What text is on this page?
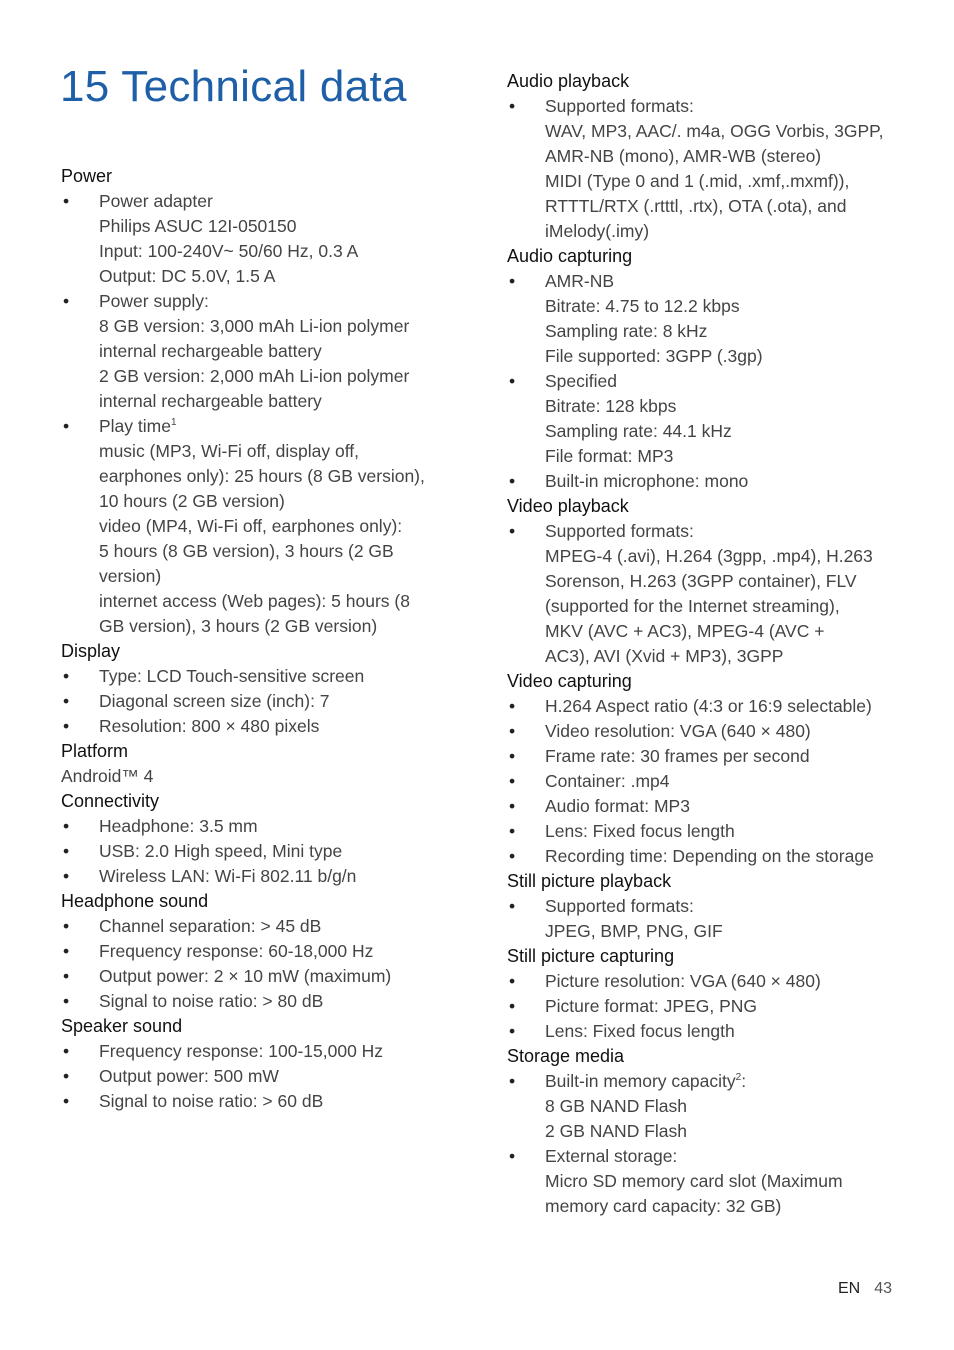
15 Technical data
Power
• Power adapter
Philips ASUC 12I-050150
Input: 100-240V~ 50/60 Hz, 0.3 A
Output: DC 5.0V, 1.5 A
• Power supply:
8 GB version: 3,000 mAh Li-ion polymer
internal rechargeable battery
2 GB version: 2,000 mAh Li-ion polymer
internal rechargeable battery
• Play time$^1$
music (MP3, Wi-Fi off, display off,
earphones only): 25 hours (8 GB version),
10 hours (2 GB version)
video (MP4, Wi-Fi off, earphones only):
5 hours (8 GB version), 3 hours (2 GB
version)
internet access (Web pages): 5 hours (8
GB version), 3 hours (2 GB version)
Display
• Type: LCD Touch-sensitive screen
• Diagonal screen size (inch): 7
• Resolution: 800 × 480 pixels
Platform
Android™ 4
Connectivity
• Headphone: 3.5 mm
• USB: 2.0 High speed, Mini type
• Wireless LAN: Wi-Fi 802.11 b/g/n
Headphone sound
• Channel separation: > 45 dB
• Frequency response: 60-18,000 Hz
• Output power: 2 × 10 mW (maximum)
• Signal to noise ratio: > 80 dB
Speaker sound
• Frequency response: 100-15,000 Hz
• Output power: 500 mW
• Signal to noise ratio: > 60 dB
Audio playback
• Supported formats:
WAV, MP3, AAC/. m4a, OGG Vorbis, 3GPP,
AMR-NB (mono), AMR-WB (stereo)
MIDI (Type 0 and 1 (.mid, .xmf,.mxmf)),
RTTTL/RTX (.rtttl, .rtx), OTA (.ota), and
iMelody(.imy)
Audio capturing
• AMR-NB
Bitrate: 4.75 to 12.2 kbps
Sampling rate: 8 kHz
File supported: 3GPP (.3gp)
• Specified
Bitrate: 128 kbps
Sampling rate: 44.1 kHz
File format: MP3
• Built-in microphone: mono
Video playback
• Supported formats:
MPEG-4 (.avi), H.264 (3gpp, .mp4), H.263
Sorenson, H.263 (3GPP container), FLV
(supported for the Internet streaming),
MKV (AVC + AC3), MPEG-4 (AVC +
AC3), AVI (Xvid + MP3), 3GPP
Video capturing
• H.264 Aspect ratio (4:3 or 16:9 selectable)
• Video resolution: VGA (640 × 480)
• Frame rate: 30 frames per second
• Container: .mp4
• Audio format: MP3
• Lens: Fixed focus length
• Recording time: Depending on the storage
Still picture playback
• Supported formats:
JPEG, BMP, PNG, GIF
Still picture capturing
• Picture resolution: VGA (640 × 480)
• Picture format: JPEG, PNG
• Lens: Fixed focus length
Storage media
• Built-in memory capacity$^2$:
8 GB NAND Flash
2 GB NAND Flash
• External storage:
Micro SD memory card slot (Maximum
memory card capacity: 32 GB)
EN 43
